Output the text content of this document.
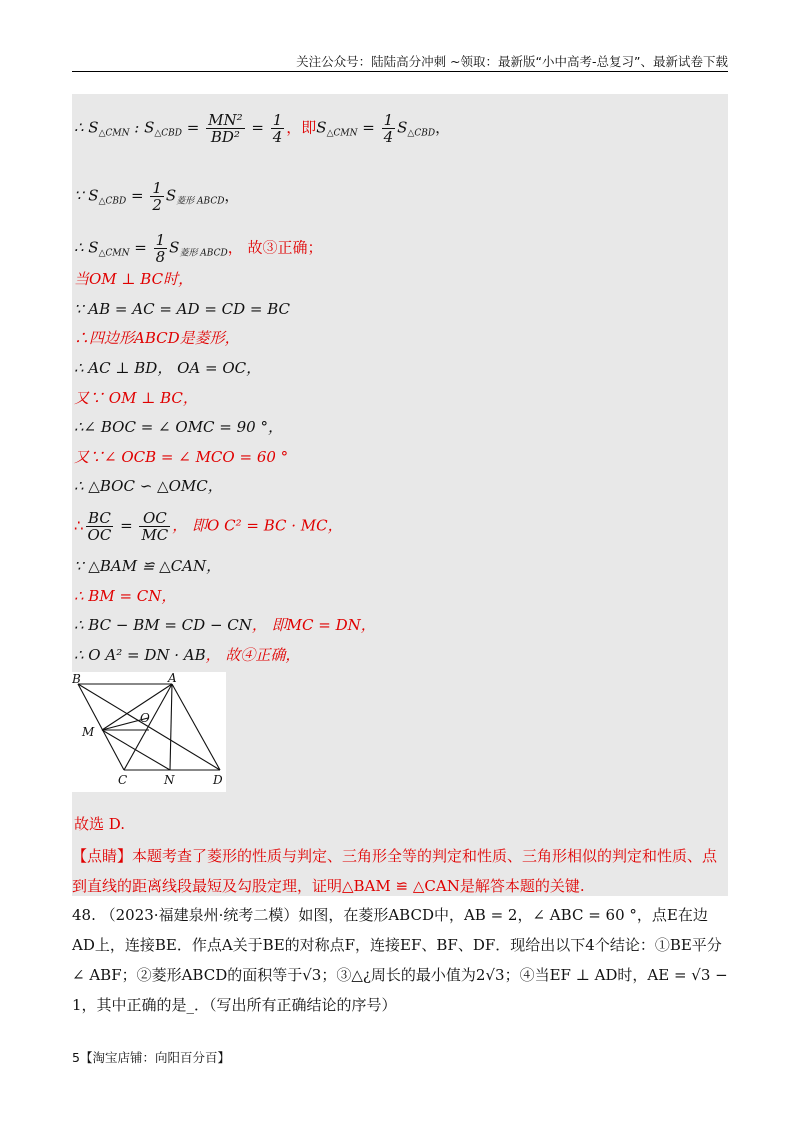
关注公众号：陆陆高分冲刺 ~领取：最新版“小中高考-总复习”、最新试卷下载
∴ $S_{\triangle CMN}$ : $S_{\triangle CBD} = \frac{\text{MN²}}{\text{BD²}} = \frac{1}{4}$ ，即$S_{\triangle CMN} = \frac{1}{4} S_{\triangle CBD}$，
∵ $S_{\triangle CBD} = \frac{1}{2} S_{菱形 ABCD}$，
∴ $S_{\triangle CMN} = \frac{1}{8} S_{菱形 ABCD}$， 故③正确；
当OM ⊥ BC时，
∵ AB = AC = AD = CD = BC
∴四边形ABCD是菱形，
∴ AC ⊥ BD， OA = OC，
又∵ OM ⊥ BC，
∴∠ BOC = ∠ OMC = 90 °，
又∵∠ OCB = ∠ MCO = 60 °
∴ △BOC ∽ △OMC，
∴ $\frac{BC}{OC} = \frac{OC}{MC}$ ， 即O C² = BC · MC，
∵ △BAM ≌ △CAN，
∴ BM = CN，
∴ BC − BM = CD − CN， 即MC = DN，
∴ O A² = DN · AB， 故④正确，
B	A
O
M
C	N	D
故选 D.
【点睛】本题考查了菱形的性质与判定、三角形全等的判定和性质、三角形相似的判定和性质、点到直线的距离线段最短及勾股定理，证明△BAM ≌ △CAN是解答本题的关键.
48. （2023·福建泉州·统考二模）如图，在菱形ABCD中，AB = 2，∠ ABC = 60 °，点E在边AD上，连接BE．作点A关于BE的对称点F，连接EF、BF、DF．现给出以下4个结论：①BE平分∠ ABF；②菱形ABCD的面积等于√3；③△¿周长的最小值为2√3；④当EF ⊥ AD时，AE = √3 − 1，其中正确的是_．（写出所有正确结论的序号）
5【淘宝店铺：向阳百分百】
